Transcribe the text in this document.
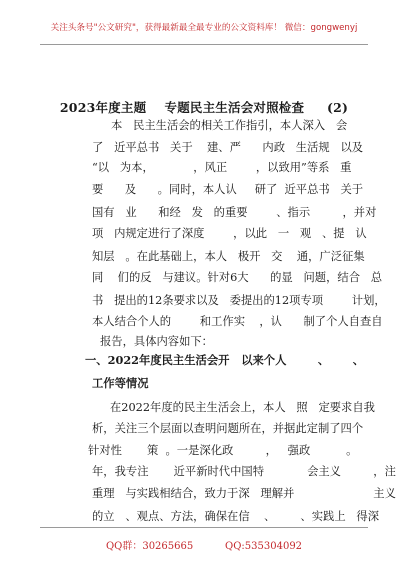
关注头条号"公文研究"，获得最新最全最专业的公文资料库！ 微信：gongwenyj
2023年度主题    专题民主生活会对照检查     (2)
本   民主生活会的相关工作指引，本人深入   会
了   近平总书   关于    建、严      内政   生活规   以及
“以   为本，           ，风正        ，以致用”等系   重
要      及      。同时，本人认     研了  近平总书   关于
国有   业      和经   发   的重要        、指示         ，并对
项   内规定进行了深度        ，以此   一   观   、提   认
知层   。在此基础上，本人   极开   交    通，广泛征集
同    们的反   与建议。针对6大      的显   问题，结合   总
书   提出的12条要求以及   委提出的12项专项        计划，
本人结合个人的        和工作实    ，认      制了个人自查自
报告，具体内容如下：
一、2022年度民主生活会开   以来个人        、      、
工作等情况
在2022年度的民主生活会上，本人   照   定要求自我
析，关注三个层面以查明问题所在，并据此定制了四个
针对性       策  。一是深化政         ，   强政          。
年，我专注       近平新时代中国特            会主义         ，注
重理   与实践相结合，致力于深   理解并                      主义
的立   、观点、方法，确保在信    、       、实践上   得深
QQ群：30265665          QQ:535304092
